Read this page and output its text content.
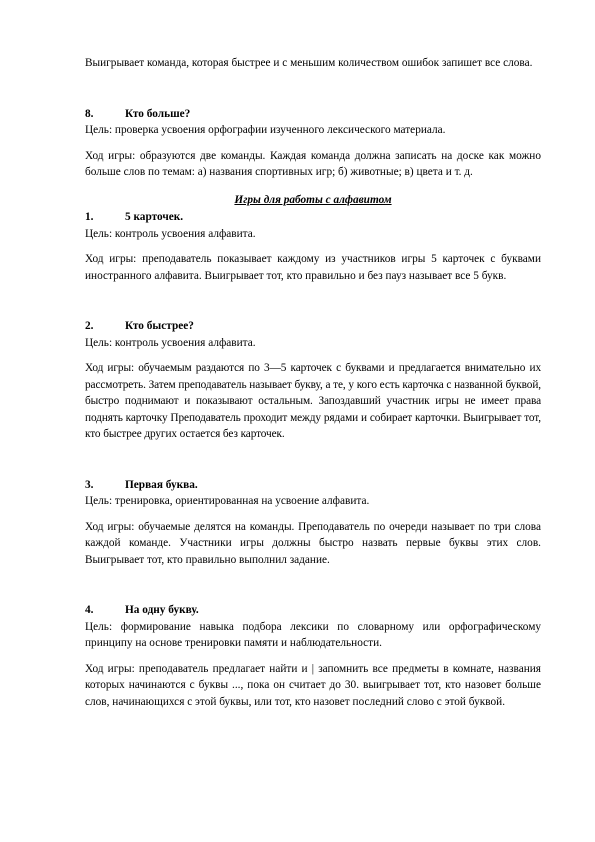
Выигрывает команда, которая быстрее и с меньшим количеством ошибок запишет все слова.

8.	Кто больше?

Цель: проверка усвоения орфографии изученного лексического материала.

Ход игры: образуются две команды. Каждая команда должна записать на доске как можно больше слов по темам: а) названия спортивных игр; б) животные; в) цвета и т. д.

Игры для работы с алфавитом
1.	5 карточек.

Цель: контроль усвоения алфавита.

Ход игры: преподаватель показывает каждому из участников игры 5 карточек с буквами иностранного алфавита. Выигрывает тот, кто правильно и без пауз называет все 5 букв.

2.	Кто быстрее?

Цель: контроль усвоения алфавита.

Ход игры: обучаемым раздаются по 3—5 карточек с буквами и предлагается внимательно их рассмотреть. Затем преподаватель называет букву, а те, у кого есть карточка с названной буквой, быстро поднимают и показывают остальным. Запоздавший участник игры не имеет права поднять карточку Преподаватель проходит между рядами и собирает карточки. Выигрывает тот, кто быстрее других остается без карточек.

3.	Первая буква.

Цель: тренировка, ориентированная на усвоение алфавита.

Ход игры: обучаемые делятся на команды. Преподаватель по очереди называет по три слова каждой команде. Участники игры должны быстро назвать первые буквы этих слов. Выигрывает тот, кто правильно выполнил задание.

4.	На одну букву.

Цель: формирование навыка подбора лексики по словарному или орфографическому принципу на основе тренировки памяти и наблюдательности.

Ход игры: преподаватель предлагает найти и | запомнить все предметы в комнате, названия которых начинаются с буквы ..., пока он считает до 30. выигрывает тот, кто назовет больше слов, начинающихся с этой буквы, или тот, кто назовет последний слово с этой буквой.
